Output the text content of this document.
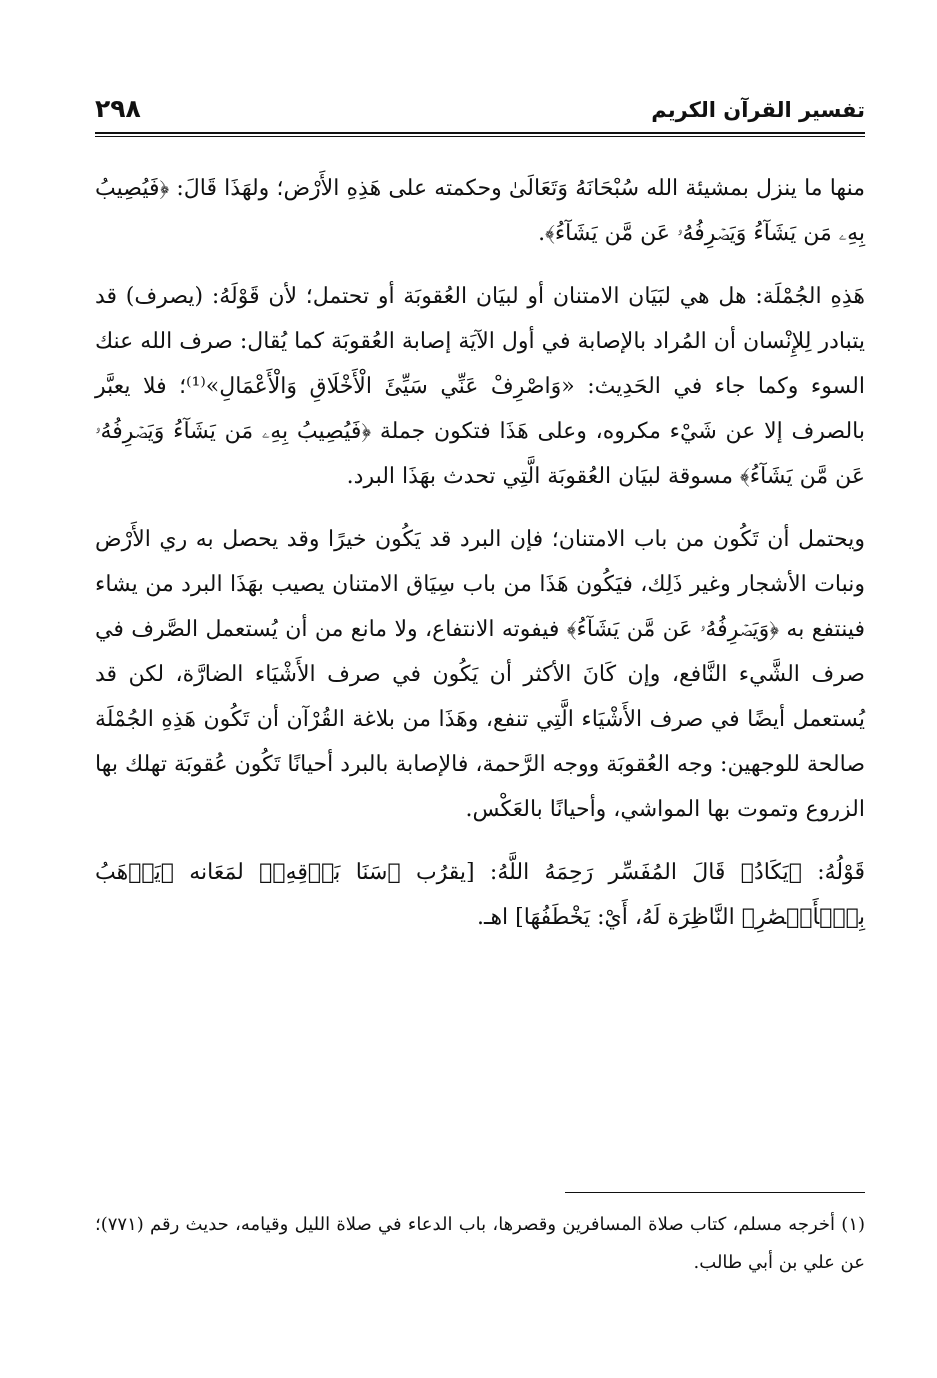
تفسير القرآن الكريم
٢٩٨

منها ما ينزل بمشيئة الله سُبْحَانَهُ وَتَعَالَىٰ وحكمته على هَذِهِ الأَرْض؛ ولهَذَا قَالَ: ﴿فَيُصِيبُ بِهِۦ مَن يَشَآءُ وَيَصۡرِفُهُۥ عَن مَّن يَشَآءُ﴾.

هَذِهِ الجُمْلَة: هل هي لبَيَان الامتنان أو لبيَان العُقوبَة أو تحتمل؛ لأن قَوْلَهُ: (يصرف) قد يتبادر لِلإِنْسان أن المُراد بالإصابة في أول الآيَة إصابة العُقوبَة كما يُقال: صرف الله عنك السوء وكما جاء في الحَدِيث: «وَاصْرِفْ عَنِّي سَيِّئَ الْأَخْلَاقِ وَالْأَعْمَالِ»⁽¹⁾؛ فلا يعبَّر بالصرف إلا عن شَيْء مكروه، وعلى هَذَا فتكون جملة ﴿فَيُصِيبُ بِهِۦ مَن يَشَآءُ وَيَصۡرِفُهُۥ عَن مَّن يَشَآءُ﴾ مسوقة لبيَان العُقوبَة الَّتِي تحدث بهَذَا البرد.

ويحتمل أن تَكُون من باب الامتنان؛ فإن البرد قد يَكُون خيرًا وقد يحصل به ري الأَرْض ونبات الأشجار وغير ذَلِك، فيَكُون هَذَا من باب سِيَاق الامتنان يصيب بهَذَا البرد من يشاء فينتفع به ﴿وَيَصۡرِفُهُۥ عَن مَّن يَشَآءُ﴾ فيفوته الانتفاع، ولا مانع من أن يُستعمل الصَّرف في صرف الشَّيء النَّافع، وإن كَانَ الأكثر أن يَكُون في صرف الأَشْيَاء الضارَّة، لكن قد يُستعمل أيضًا في صرف الأَشْيَاء الَّتِي تنفع، وهَذَا من بلاغة القُرْآن أن تَكُون هَذِهِ الجُمْلَة صالحة للوجهين: وجه العُقوبَة ووجه الرَّحمة، فالإصابة بالبرد أحيانًا تَكُون عُقوبَة تهلك بها الزروع وتموت بها المواشي، وأحيانًا بالعَكْس.

قَوْلُهُ: ﴿يَكَادُ﴾ قَالَ المُفَسِّر رَحِمَهُ اللَّهُ: [يقرُب ﴿سَنَا بَرۡقِهِۦ﴾ لمَعَانه ﴿يَذۡهَبُ بِٱلۡأَبۡصَٰرِ﴾ النَّاظِرَة لَهُ، أَيْ: يَخْطَفُهَا] اهـ.

(١) أخرجه مسلم، كتاب صلاة المسافرين وقصرها، باب الدعاء في صلاة الليل وقيامه، حديث رقم (٧٧١)؛ عن علي بن أبي طالب.
